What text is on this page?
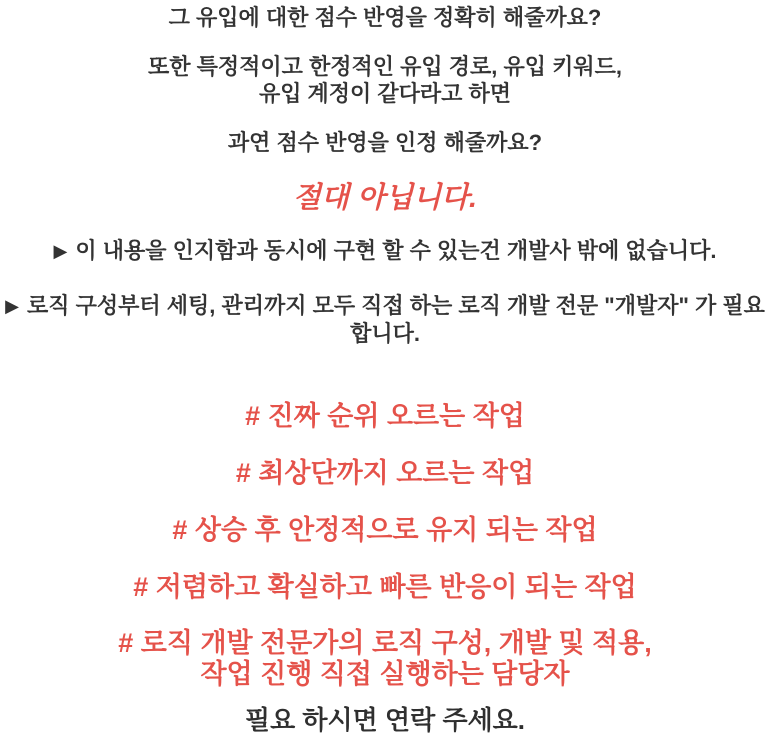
그 유입에 대한 점수 반영을 정확히 해줄까요?

또한 특정적이고 한정적인 유입 경로, 유입 키워드,
유입 계정이 같다라고 하면

과연 점수 반영을 인정 해줄까요?

절대 아닙니다.

▶ 이 내용을 인지함과 동시에 구현 할 수 있는건 개발사 밖에 없습니다.

▶ 로직 구성부터 세팅, 관리까지 모두 직접 하는 로직 개발 전문 "개발자" 가 필요
합니다.

# 진짜 순위 오르는 작업

# 최상단까지 오르는 작업

# 상승 후 안정적으로 유지 되는 작업

# 저렴하고 확실하고 빠른 반응이 되는 작업

# 로직 개발 전문가의 로직 구성, 개발 및 적용,
작업 진행 직접 실행하는 담당자

필요 하시면 연락 주세요.
